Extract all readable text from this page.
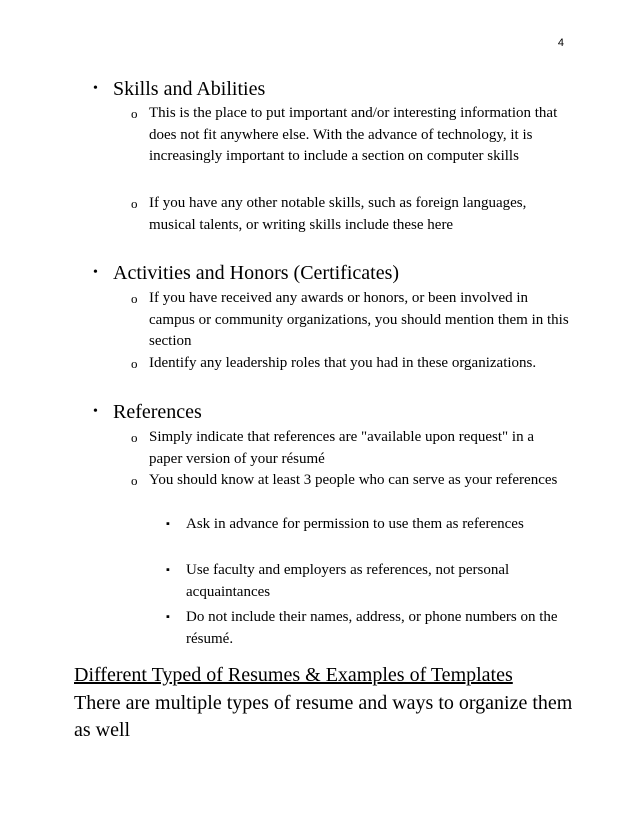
4
• Skills and Abilities
o This is the place to put important and/or interesting information that does not fit anywhere else. With the advance of technology, it is increasingly important to include a section on computer skills
o If you have any other notable skills, such as foreign languages, musical talents, or writing skills include these here
• Activities and Honors (Certificates)
o If you have received any awards or honors, or been involved in campus or community organizations, you should mention them in this section
o Identify any leadership roles that you had in these organizations.
• References
o Simply indicate that references are "available upon request" in a paper version of your résumé
o You should know at least 3 people who can serve as your references
▪ Ask in advance for permission to use them as references
▪ Use faculty and employers as references, not personal acquaintances
▪ Do not include their names, address, or phone numbers on the résumé.
Different Typed of Resumes & Examples of Templates
There are multiple types of resume and ways to organize them as well
